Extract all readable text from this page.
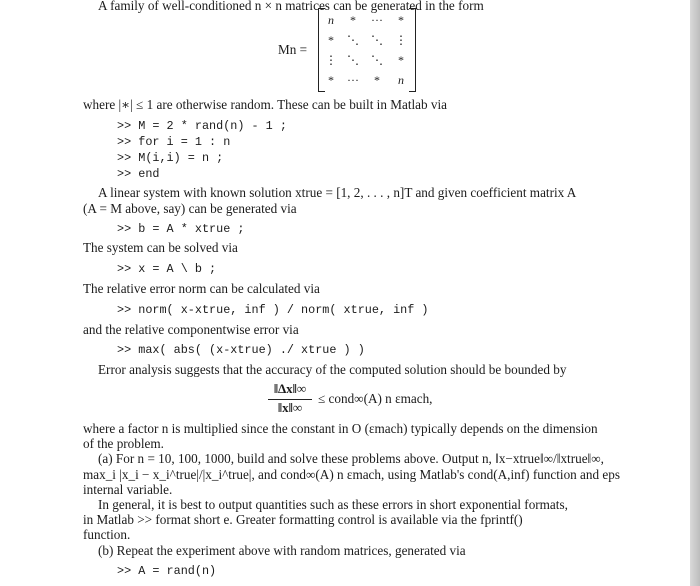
A family of well-conditioned n × n matrices can be generated in the form
Mn =
n	*	···	*
*	⋱ ⋱ ⋮
⋮ ⋱ ⋱	*
*	···	*	n
where |∗| ≤ 1 are otherwise random. These can be built in Matlab via
>> M = 2 * rand(n) - 1 ;
>> for i = 1 : n
>> M(i,i) = n ;
>> end
A linear system with known solution xtrue = [1, 2, . . . , n]T and given coefficient matrix A
(A = M above, say) can be generated via
>> b = A * xtrue ;
The system can be solved via
>> x = A \ b ;
The relative error norm can be calculated via
>> norm( x-xtrue, inf ) / norm( xtrue, inf )
and the relative componentwise error via
>> max( abs( (x-xtrue) ./ xtrue ) )
Error analysis suggests that the accuracy of the computed solution should be bounded by
‖Δx‖∞
‖x‖∞
≤ cond∞(A) n εmach,
where a factor n is multiplied since the constant in O (εmach) typically depends on the dimension
of the problem.
(a) For n = 10, 100, 1000, build and solve these problems above. Output n, ‖x−xtrue‖∞/‖xtrue‖∞,
max_i |x_i − x_i^true|/|x_i^true|, and cond∞(A) n εmach, using Matlab's cond(A,inf) function and eps
internal variable.
In general, it is best to output quantities such as these errors in short exponential formats,
in Matlab >> format short e. Greater formatting control is available via the fprintf()
function.
(b) Repeat the experiment above with random matrices, generated via
>> A = rand(n)
